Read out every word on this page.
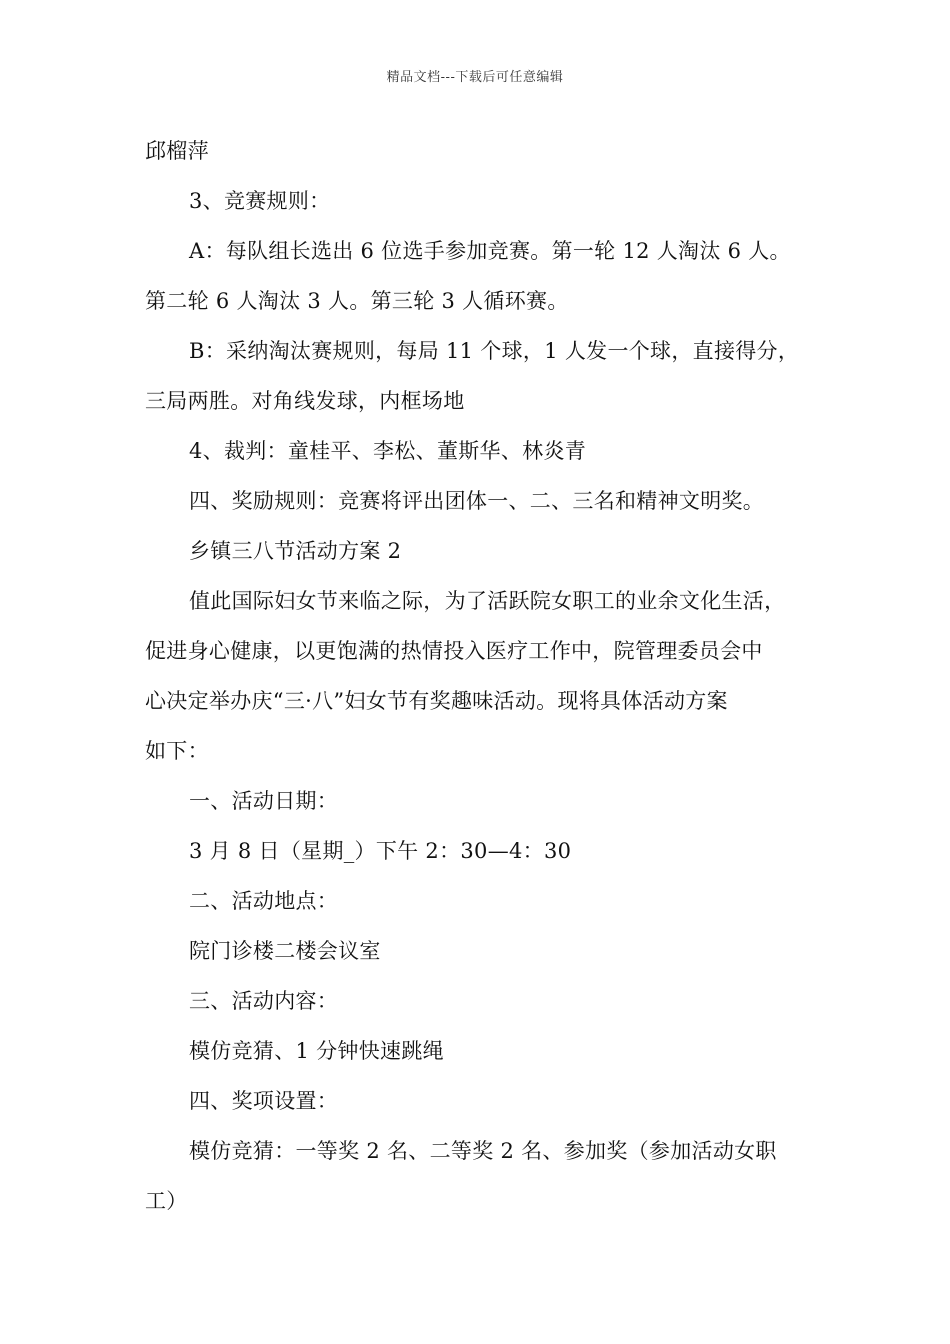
精品文档---下载后可任意编辑
邱榴萍
3、竞赛规则：
A：每队组长选出 6 位选手参加竞赛。第一轮 12 人淘汰 6 人。
第二轮 6 人淘汰 3 人。第三轮 3 人循环赛。
B：采纳淘汰赛规则，每局 11 个球，1 人发一个球，直接得分，
三局两胜。对角线发球，内框场地
4、裁判：童桂平、李松、董斯华、林炎青
四、奖励规则：竞赛将评出团体一、二、三名和精神文明奖。
乡镇三八节活动方案 2
值此国际妇女节来临之际，为了活跃院女职工的业余文化生活，
促进身心健康，以更饱满的热情投入医疗工作中，院管理委员会中
心决定举办庆“三·八”妇女节有奖趣味活动。现将具体活动方案
如下：
一、活动日期：
3 月 8 日（星期_）下午 2：30—4：30
二、活动地点：
院门诊楼二楼会议室
三、活动内容：
模仿竞猜、1 分钟快速跳绳
四、奖项设置：
模仿竞猜：一等奖 2 名、二等奖 2 名、参加奖（参加活动女职
工）
